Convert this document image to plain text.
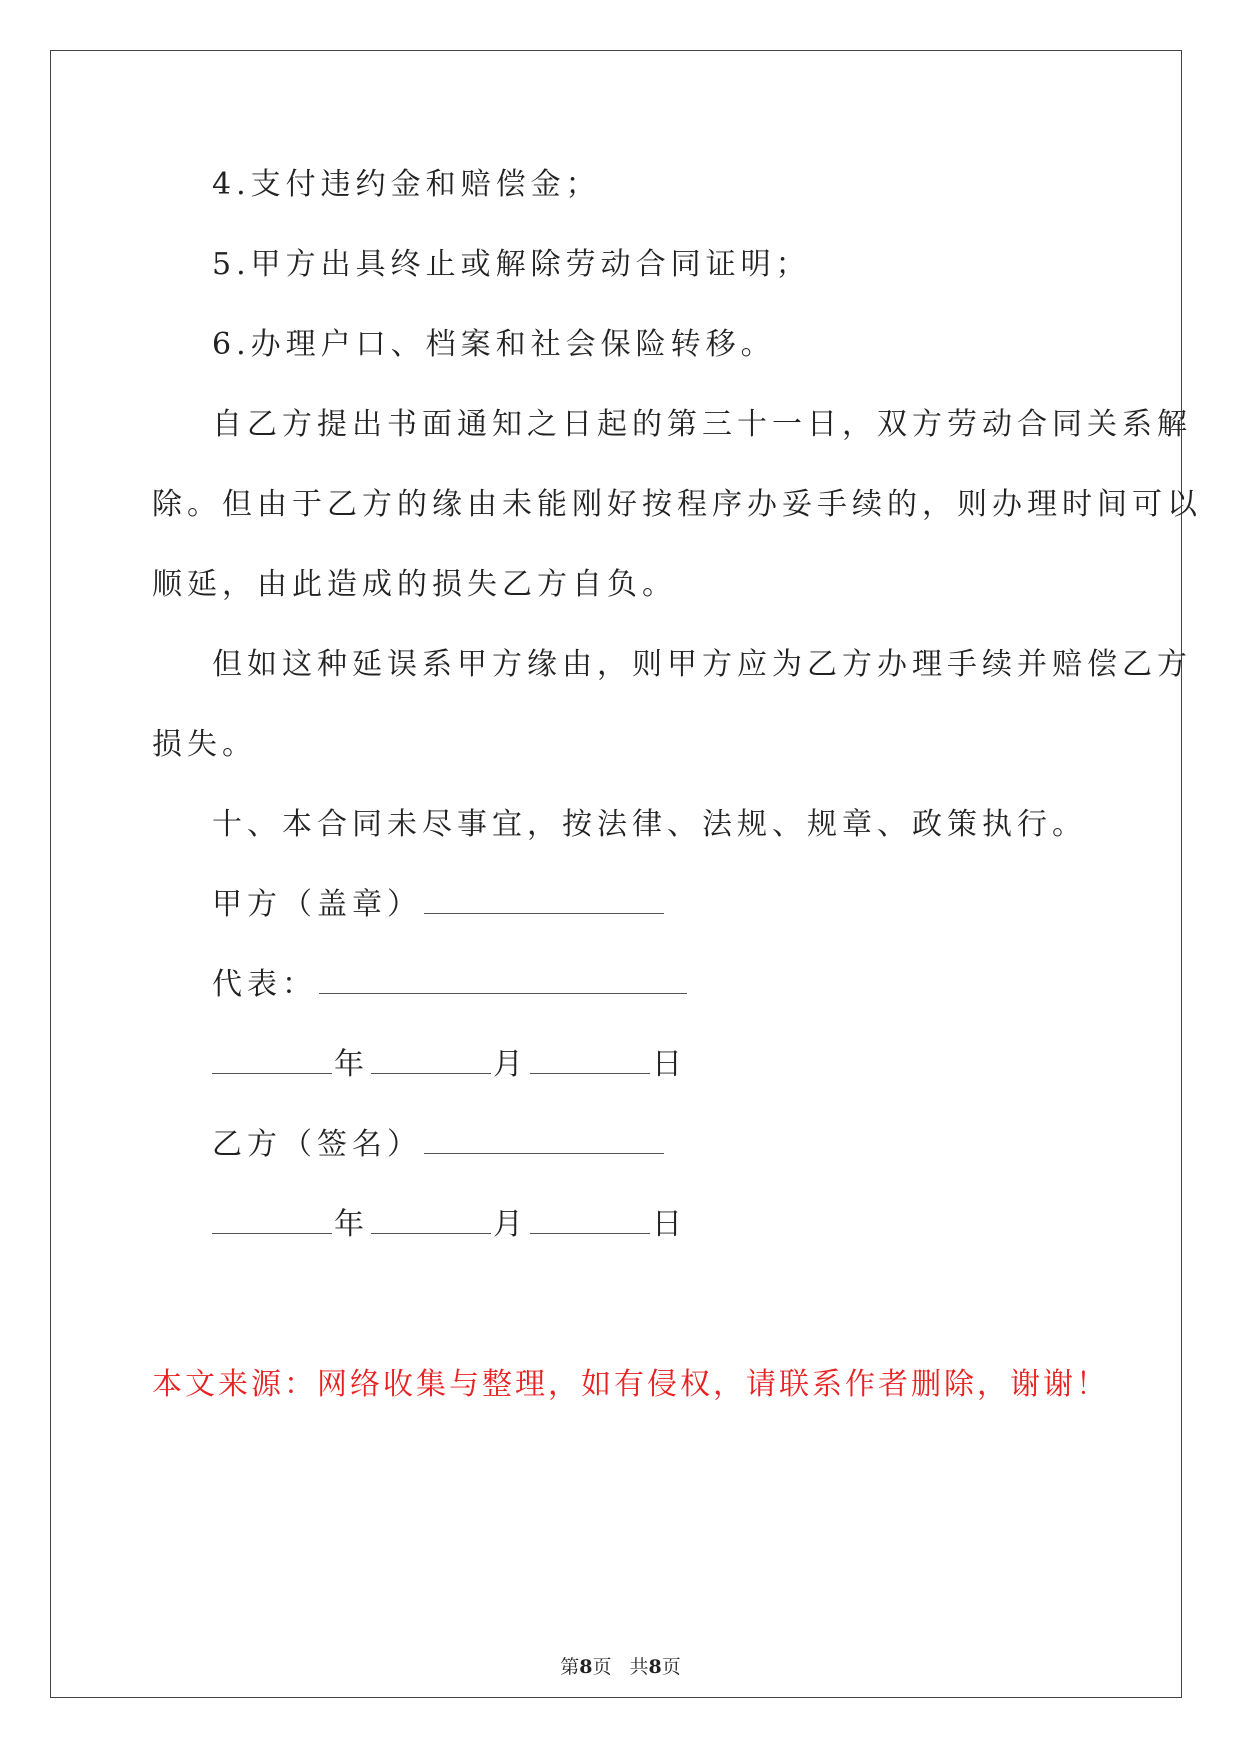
4.支付违约金和赔偿金；
5.甲方出具终止或解除劳动合同证明；
6.办理户口、档案和社会保险转移。
自乙方提出书面通知之日起的第三十一日，双方劳动合同关系解
除。但由于乙方的缘由未能刚好按程序办妥手续的，则办理时间可以
顺延，由此造成的损失乙方自负。
但如这种延误系甲方缘由，则甲方应为乙方办理手续并赔偿乙方
损失。
十、本合同未尽事宜，按法律、法规、规章、政策执行。
甲方（盖章）
代表：
年	月	日
乙方（签名）
年	月	日
本文来源：网络收集与整理，如有侵权，请联系作者删除，谢谢！
第8页 共8页
